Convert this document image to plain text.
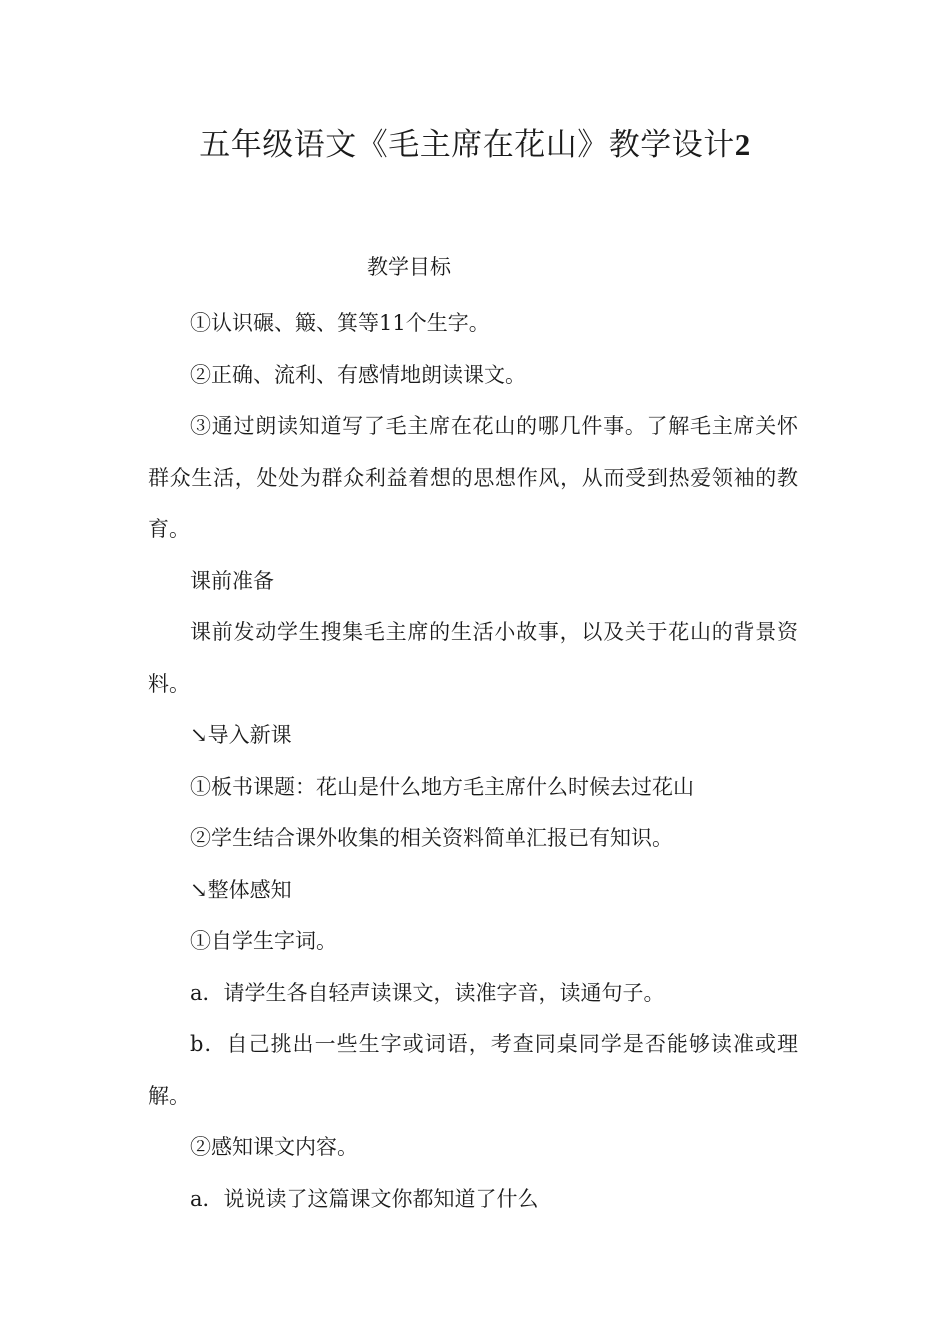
五年级语文《毛主席在花山》教学设计2
教学目标

①认识碾、簸、箕等11个生字。

②正确、流利、有感情地朗读课文。

③通过朗读知道写了毛主席在花山的哪几件事。了解毛主席关怀群众生活，处处为群众利益着想的思想作风，从而受到热爱领袖的教育。

课前准备

课前发动学生搜集毛主席的生活小故事，以及关于花山的背景资料。

↘导入新课

①板书课题：花山是什么地方毛主席什么时候去过花山

②学生结合课外收集的相关资料简单汇报已有知识。

↘整体感知

①自学生字词。

a．请学生各自轻声读课文，读准字音，读通句子。

b．自己挑出一些生字或词语，考查同桌同学是否能够读准或理解。

②感知课文内容。

a．说说读了这篇课文你都知道了什么
